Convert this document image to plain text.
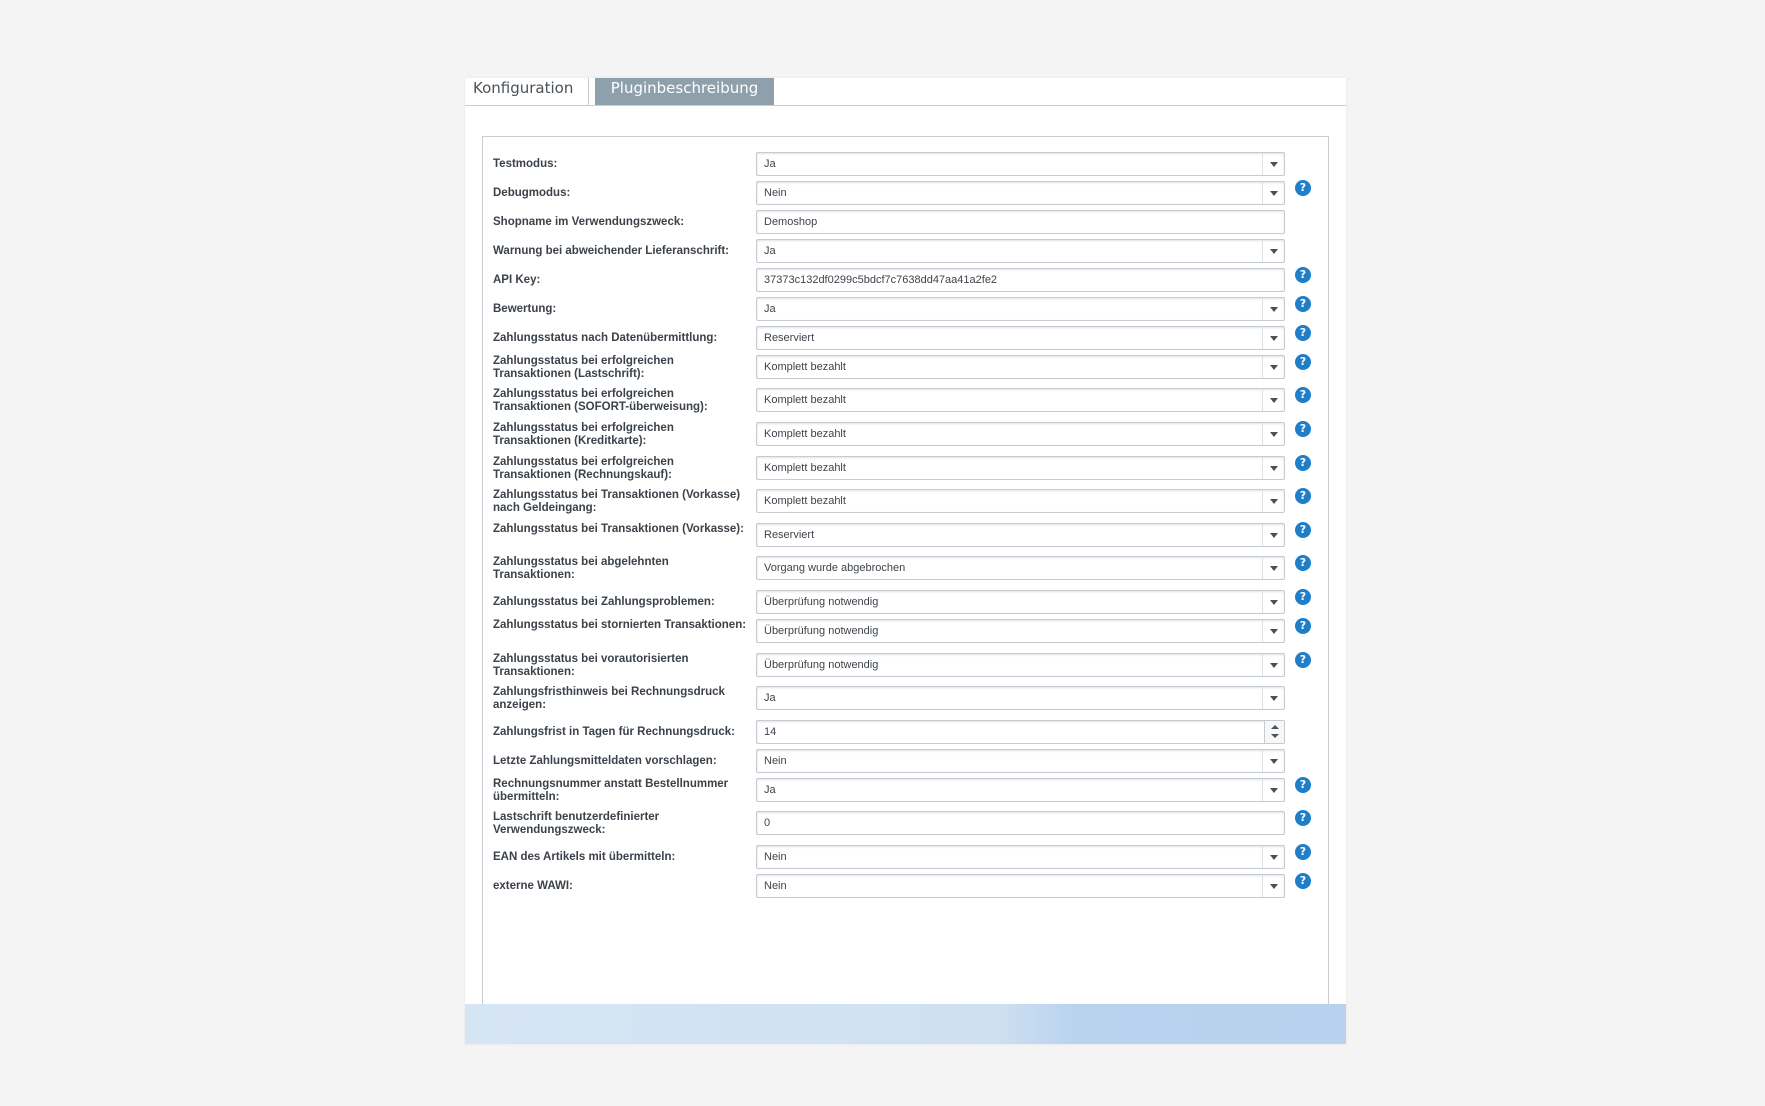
Konfiguration	Pluginbeschreibung
Testmodus:	Ja
Debugmodus:	Nein	?
Shopname im Verwendungszweck:	Demoshop
Warnung bei abweichender Lieferanschrift:	Ja
API Key:	37373c132df0299c5bdcf7c7638dd47aa41a2fe2	?
Bewertung:	Ja	?
Zahlungsstatus nach Datenübermittlung:	Reserviert	?
Zahlungsstatus bei erfolgreichen Transaktionen (Lastschrift):
Komplett bezahlt	?
Zahlungsstatus bei erfolgreichen Transaktionen (SOFORT-überweisung):
Komplett bezahlt	?
Zahlungsstatus bei erfolgreichen Transaktionen (Kreditkarte):
Komplett bezahlt	?
Zahlungsstatus bei erfolgreichen Transaktionen (Rechnungskauf):
Komplett bezahlt	?
Zahlungsstatus bei Transaktionen (Vorkasse) nach Geldeingang:
Komplett bezahlt	?
Zahlungsstatus bei Transaktionen (Vorkasse):	Reserviert	?
Zahlungsstatus bei abgelehnten Transaktionen:
Vorgang wurde abgebrochen	?
Zahlungsstatus bei Zahlungsproblemen:	Überprüfung notwendig	?
Zahlungsstatus bei stornierten Transaktionen:	Überprüfung notwendig	?
Zahlungsstatus bei vorautorisierten Transaktionen:
Überprüfung notwendig	?
Zahlungsfristhinweis bei Rechnungsdruck anzeigen:
Ja
Zahlungsfrist in Tagen für Rechnungsdruck:	14
Letzte Zahlungsmitteldaten vorschlagen:	Nein
Rechnungsnummer anstatt Bestellnummer übermitteln:
Ja	?
Lastschrift benutzerdefinierter Verwendungszweck:
0	?
EAN des Artikels mit übermitteln:	Nein	?
externe WAWI:	Nein	?
